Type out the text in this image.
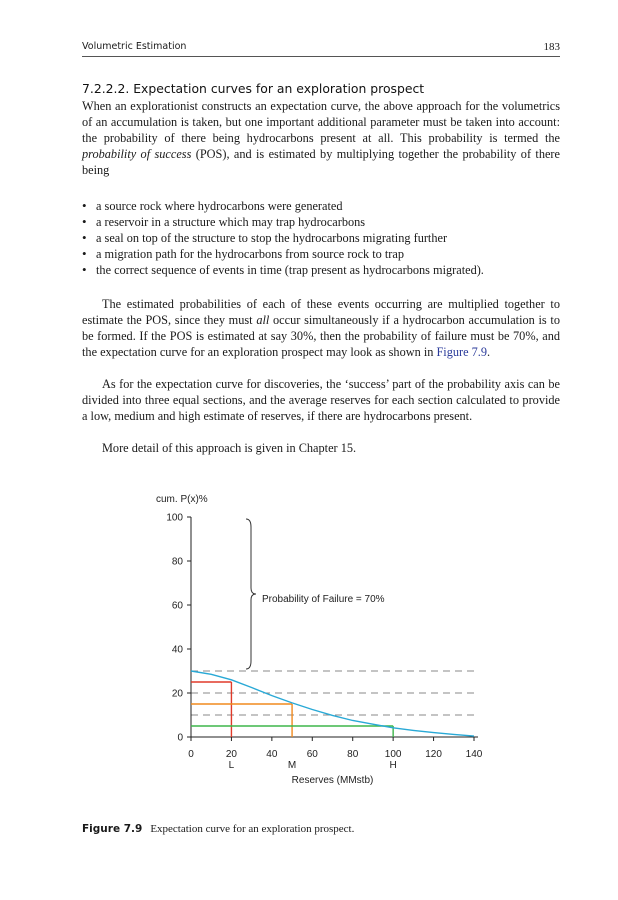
Volumetric Estimation	183
7.2.2.2. Expectation curves for an exploration prospect

When an explorationist constructs an expectation curve, the above approach for the volumetrics of an accumulation is taken, but one important additional parameter must be taken into account: the probability of there being hydrocarbons present at all. This probability is termed the probability of success (POS), and is estimated by multiplying together the probability of there being

• a source rock where hydrocarbons were generated
• a reservoir in a structure which may trap hydrocarbons
• a seal on top of the structure to stop the hydrocarbons migrating further
• a migration path for the hydrocarbons from source rock to trap
• the correct sequence of events in time (trap present as hydrocarbons migrated).

The estimated probabilities of each of these events occurring are multiplied together to estimate the POS, since they must all occur simultaneously if a hydrocarbon accumulation is to be formed. If the POS is estimated at say 30%, then the probability of failure must be 70%, and the expectation curve for an exploration prospect may look as shown in Figure 7.9.

As for the expectation curve for discoveries, the ‘success’ part of the probability axis can be divided into three equal sections, and the average reserves for each section calculated to provide a low, medium and high estimate of reserves, if there are hydrocarbons present.

More detail of this approach is given in Chapter 15.

0
20
40
60
80
100
0	20	40	60	80	100 120 140
cum. P(x)%
Reserves (MMstb)
L	M	H
Probability of Failure = 70%
Figure 7.9 Expectation curve for an exploration prospect.
